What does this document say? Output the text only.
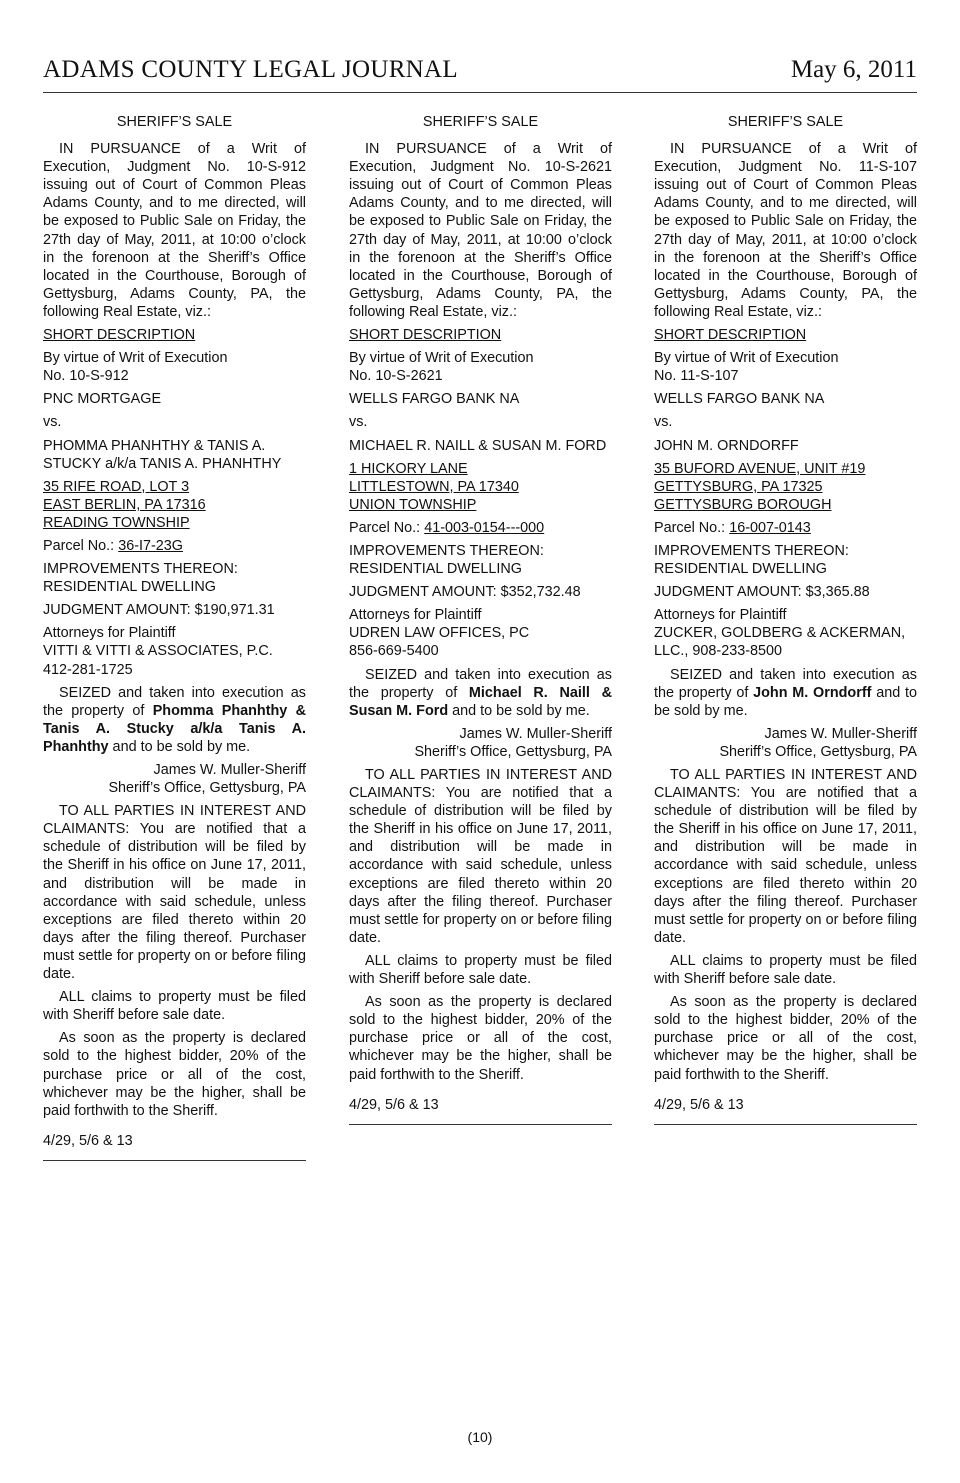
ADAMS COUNTY LEGAL JOURNAL	May 6, 2011

SHERIFF’S SALE

IN PURSUANCE of a Writ of Execution, Judgment No. 10-S-912 issuing out of Court of Common Pleas Adams County, and to me directed, will be exposed to Public Sale on Friday, the 27th day of May, 2011, at 10:00 o’clock in the forenoon at the Sheriff’s Office located in the Courthouse, Borough of Gettysburg, Adams County, PA, the following Real Estate, viz.:

SHORT DESCRIPTION

By virtue of Writ of Execution
No. 10-S-912

PNC MORTGAGE

vs.

PHOMMA PHANHTHY & TANIS A. STUCKY a/k/a TANIS A. PHANHTHY

35 RIFE ROAD, LOT 3
EAST BERLIN, PA 17316
READING TOWNSHIP

Parcel No.: 36-I7-23G

IMPROVEMENTS THEREON:
RESIDENTIAL DWELLING

JUDGMENT AMOUNT: $190,971.31

Attorneys for Plaintiff
VITTI & VITTI & ASSOCIATES, P.C.
412-281-1725

SEIZED and taken into execution as the property of Phomma Phanhthy & Tanis A. Stucky a/k/a Tanis A. Phanhthy and to be sold by me.

James W. Muller-Sheriff
Sheriff’s Office, Gettysburg, PA

TO ALL PARTIES IN INTEREST AND CLAIMANTS: You are notified that a schedule of distribution will be filed by the Sheriff in his office on June 17, 2011, and distribution will be made in accordance with said schedule, unless exceptions are filed thereto within 20 days after the filing thereof. Purchaser must settle for property on or before filing date.

ALL claims to property must be filed with Sheriff before sale date.

As soon as the property is declared sold to the highest bidder, 20% of the purchase price or all of the cost, whichever may be the higher, shall be paid forthwith to the Sheriff.

4/29, 5/6 & 13

SHERIFF’S SALE

IN PURSUANCE of a Writ of Execution, Judgment No. 10-S-2621 issuing out of Court of Common Pleas Adams County, and to me directed, will be exposed to Public Sale on Friday, the 27th day of May, 2011, at 10:00 o’clock in the forenoon at the Sheriff’s Office located in the Courthouse, Borough of Gettysburg, Adams County, PA, the following Real Estate, viz.:

SHORT DESCRIPTION

By virtue of Writ of Execution
No. 10-S-2621

WELLS FARGO BANK NA

vs.

MICHAEL R. NAILL & SUSAN M. FORD

1 HICKORY LANE
LITTLESTOWN, PA 17340
UNION TOWNSHIP

Parcel No.: 41-003-0154---000

IMPROVEMENTS THEREON:
RESIDENTIAL DWELLING

JUDGMENT AMOUNT: $352,732.48

Attorneys for Plaintiff
UDREN LAW OFFICES, PC
856-669-5400

SEIZED and taken into execution as the property of Michael R. Naill & Susan M. Ford and to be sold by me.

James W. Muller-Sheriff
Sheriff’s Office, Gettysburg, PA

TO ALL PARTIES IN INTEREST AND CLAIMANTS: You are notified that a schedule of distribution will be filed by the Sheriff in his office on June 17, 2011, and distribution will be made in accordance with said schedule, unless exceptions are filed thereto within 20 days after the filing thereof. Purchaser must settle for property on or before filing date.

ALL claims to property must be filed with Sheriff before sale date.

As soon as the property is declared sold to the highest bidder, 20% of the purchase price or all of the cost, whichever may be the higher, shall be paid forthwith to the Sheriff.

4/29, 5/6 & 13

SHERIFF’S SALE

IN PURSUANCE of a Writ of Execution, Judgment No. 11-S-107 issuing out of Court of Common Pleas Adams County, and to me directed, will be exposed to Public Sale on Friday, the 27th day of May, 2011, at 10:00 o’clock in the forenoon at the Sheriff’s Office located in the Courthouse, Borough of Gettysburg, Adams County, PA, the following Real Estate, viz.:

SHORT DESCRIPTION

By virtue of Writ of Execution
No. 11-S-107

WELLS FARGO BANK NA

vs.

JOHN M. ORNDORFF

35 BUFORD AVENUE, UNIT #19
GETTYSBURG, PA 17325
GETTYSBURG BOROUGH

Parcel No.: 16-007-0143

IMPROVEMENTS THEREON:
RESIDENTIAL DWELLING

JUDGMENT AMOUNT: $3,365.88

Attorneys for Plaintiff
ZUCKER, GOLDBERG & ACKERMAN, LLC., 908-233-8500

SEIZED and taken into execution as the property of John M. Orndorff and to be sold by me.

James W. Muller-Sheriff
Sheriff’s Office, Gettysburg, PA

TO ALL PARTIES IN INTEREST AND CLAIMANTS: You are notified that a schedule of distribution will be filed by the Sheriff in his office on June 17, 2011, and distribution will be made in accordance with said schedule, unless exceptions are filed thereto within 20 days after the filing thereof. Purchaser must settle for property on or before filing date.

ALL claims to property must be filed with Sheriff before sale date.

As soon as the property is declared sold to the highest bidder, 20% of the purchase price or all of the cost, whichever may be the higher, shall be paid forthwith to the Sheriff.

4/29, 5/6 & 13

(10)
